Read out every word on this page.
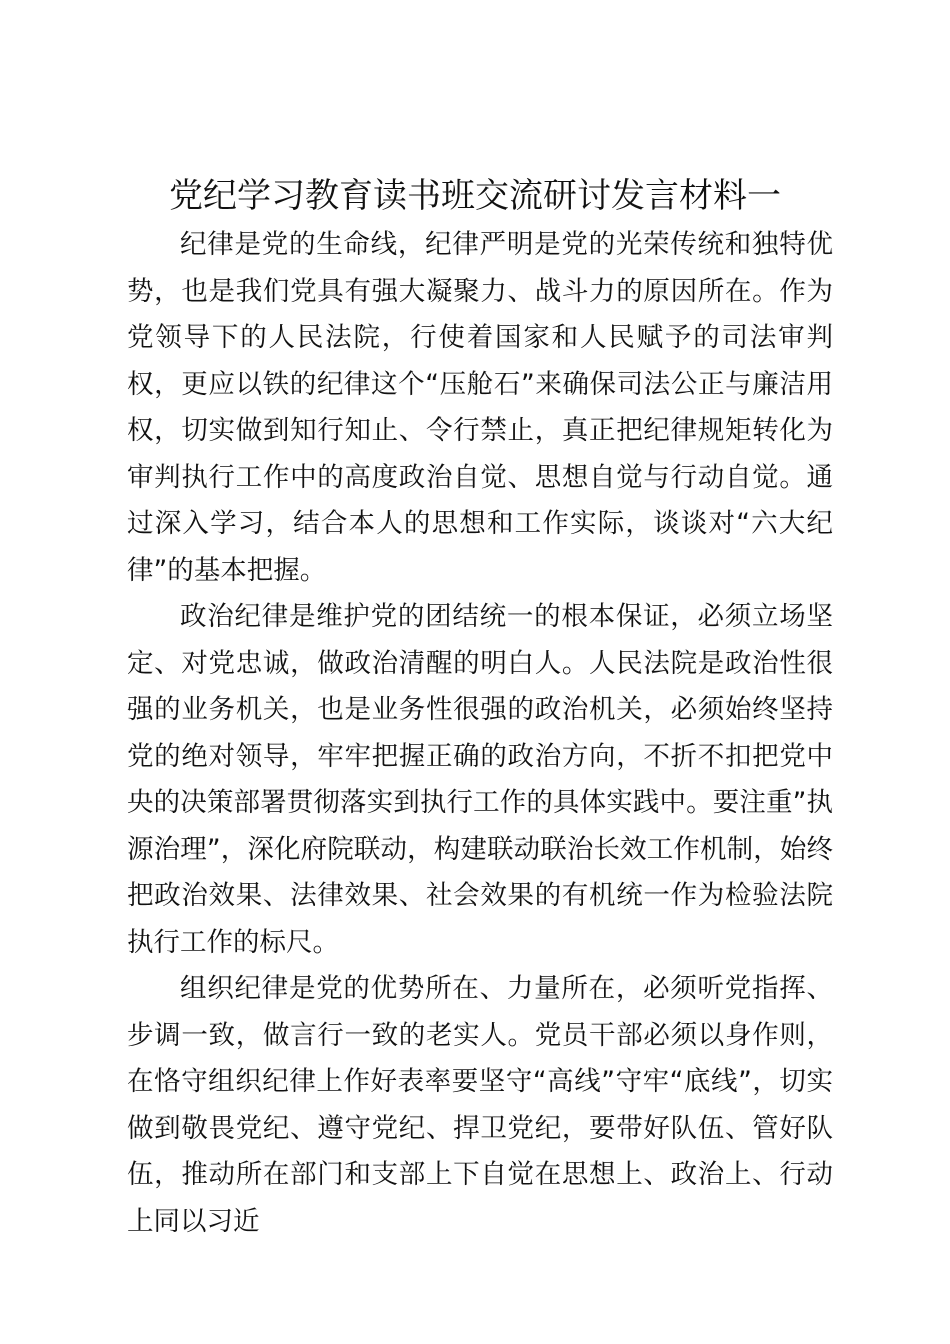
党纪学习教育读书班交流研讨发言材料一

纪律是党的生命线，纪律严明是党的光荣传统和独特优势，也是我们党具有强大凝聚力、战斗力的原因所在。作为党领导下的人民法院，行使着国家和人民赋予的司法审判权，更应以铁的纪律这个“压舱石”来确保司法公正与廉洁用权，切实做到知行知止、令行禁止，真正把纪律规矩转化为审判执行工作中的高度政治自觉、思想自觉与行动自觉。通过深入学习，结合本人的思想和工作实际，谈谈对“六大纪律”的基本把握。

政治纪律是维护党的团结统一的根本保证，必须立场坚定、对党忠诚，做政治清醒的明白人。人民法院是政治性很强的业务机关，也是业务性很强的政治机关，必须始终坚持党的绝对领导，牢牢把握正确的政治方向，不折不扣把党中央的决策部署贯彻落实到执行工作的具体实践中。要注重”执源治理”，深化府院联动，构建联动联治长效工作机制，始终把政治效果、法律效果、社会效果的有机统一作为检验法院执行工作的标尺。

组织纪律是党的优势所在、力量所在，必须听党指挥、步调一致，做言行一致的老实人。党员干部必须以身作则，在恪守组织纪律上作好表率要坚守“高线”守牢“底线”，切实做到敬畏党纪、遵守党纪、捍卫党纪，要带好队伍、管好队伍，推动所在部门和支部上下自觉在思想上、政治上、行动上同以习近
